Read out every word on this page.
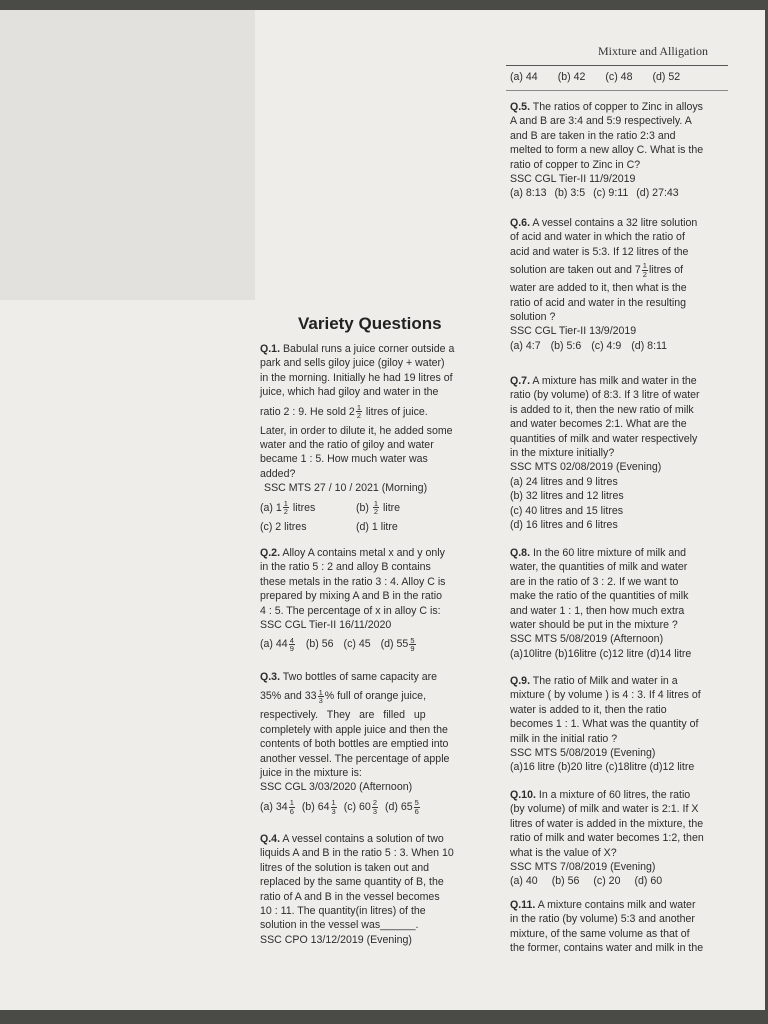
Mixture and Alligation
(a) 44 (b) 42 (c) 48 (d) 52
Q.5. The ratios of copper to Zinc in alloys
A and B are 3:4 and 5:9 respectively. A
and B are taken in the ratio 2:3 and
melted to form a new alloy C. What is the
ratio of copper to Zinc in C?
SSC CGL Tier-II 11/9/2019
(a) 8:13 (b) 3:5 (c) 9:11 (d) 27:43
Q.6. A vessel contains a 32 litre solution
of acid and water in which the ratio of
acid and water is 5:3. If 12 litres of the
solution are taken out and $7 \frac{1}{2}$ litres of
water are added to it, then what is the
ratio of acid and water in the resulting
solution ?
SSC CGL Tier-II 13/9/2019
(a) 4:7 (b) 5:6 (c) 4:9 (d) 8:11
Variety Questions
Q.1. Babulal runs a juice corner outside a
park and sells giloy juice (giloy + water)
in the morning. Initially he had 19 litres of
juice, which had giloy and water in the
ratio 2 : 9. He sold $2 \frac{1}{2}$ litres of juice.
Later, in order to dilute it, he added some
water and the ratio of giloy and water
became 1 : 5. How much water was
added?
SSC MTS 27 / 10 / 2021 (Morning)
(a) $1 \frac{1}{2}$ litres	$(b) \frac{1}{2}$ litre
(c) 2 litres	(d) 1 litre
Q.2. Alloy A contains metal x and y only
in the ratio 5 : 2 and alloy B contains
these metals in the ratio 3 : 4. Alloy C is
prepared by mixing A and B in the ratio
4 : 5. The percentage of x in alloy C is:
SSC CGL Tier-II 16/11/2020
(a) $44 \frac{4}{9} (b)$ 56 (c) 45 (d) $55 \frac{5}{9}$
Q.3. Two bottles of same capacity are
35% and $33 \frac{1}{3}$ % full of orange juice,
respectively.   They   are   filled   up
completely with apple juice and then the
contents of both bottles are emptied into
another vessel. The percentage of apple
juice in the mixture is:
SSC CGL 3/03/2020 (Afternoon)
(a) $34 \frac{1}{6} (b)$ $64 \frac{1}{3} (c)$ $60 \frac{2}{3} (d)$ $65 \frac{5}{6}$
Q.4. A vessel contains a solution of two
liquids A and B in the ratio 5 : 3. When 10
litres of the solution is taken out and
replaced by the same quantity of B, the
ratio of A and B in the vessel becomes
10 : 11. The quantity(in litres) of the
solution in the vessel was______.
SSC CPO 13/12/2019 (Evening)
Q.7. A mixture has milk and water in the
ratio (by volume) of 8:3. If 3 litre of water
is added to it, then the new ratio of milk
and water becomes 2:1. What are the
quantities of milk and water respectively
in the mixture initially?
SSC MTS 02/08/2019 (Evening)
(a) 24 litres and 9 litres
(b) 32 litres and 12 litres
(c) 40 litres and 15 litres
(d) 16 litres and 6 litres
Q.8. In the 60 litre mixture of milk and
water, the quantities of milk and water
are in the ratio of 3 : 2. If we want to
make the ratio of the quantities of milk
and water 1 : 1, then how much extra
water should be put in the mixture ?
SSC MTS 5/08/2019 (Afternoon)
(a)10litre (b)16litre (c)12 litre (d)14 litre
Q.9. The ratio of Milk and water in a
mixture ( by volume ) is 4 : 3. If 4 litres of
water is added to it, then the ratio
becomes 1 : 1. What was the quantity of
milk in the initial ratio ?
SSC MTS 5/08/2019 (Evening)
(a)16 litre (b)20 litre (c)18litre (d)12 litre
Q.10. In a mixture of 60 litres, the ratio
(by volume) of milk and water is 2:1. If X
litres of water is added in the mixture, the
ratio of milk and water becomes 1:2, then
what is the value of X?
SSC MTS 7/08/2019 (Evening)
(a) 40 (b) 56 (c) 20 (d) 60
Q.11. A mixture contains milk and water
in the ratio (by volume) 5:3 and another
mixture, of the same volume as that of
the former, contains water and milk in the
